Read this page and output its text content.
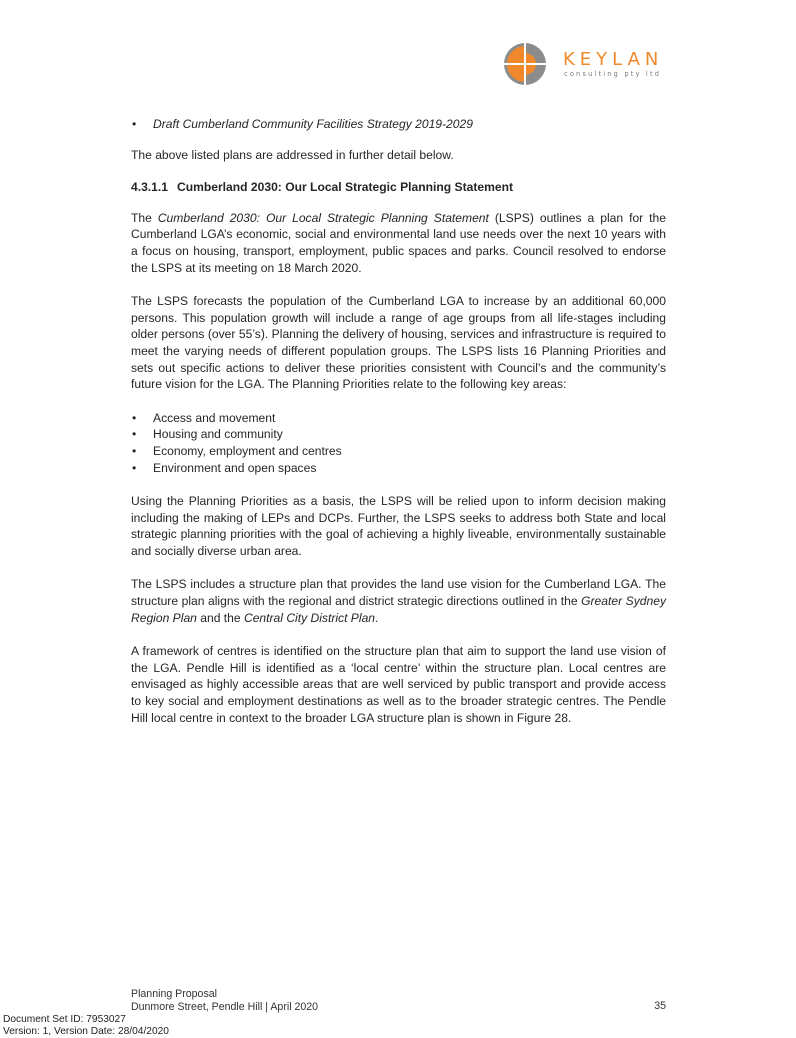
KEYLAN
consulting pty ltd
• Draft Cumberland Community Facilities Strategy 2019-2029

The above listed plans are addressed in further detail below.

4.3.1.1 Cumberland 2030: Our Local Strategic Planning Statement

The Cumberland 2030: Our Local Strategic Planning Statement (LSPS) outlines a plan for the Cumberland LGA’s economic, social and environmental land use needs over the next 10 years with a focus on housing, transport, employment, public spaces and parks. Council resolved to endorse the LSPS at its meeting on 18 March 2020.

The LSPS forecasts the population of the Cumberland LGA to increase by an additional 60,000 persons. This population growth will include a range of age groups from all life-stages including older persons (over 55’s). Planning the delivery of housing, services and infrastructure is required to meet the varying needs of different population groups. The LSPS lists 16 Planning Priorities and sets out specific actions to deliver these priorities consistent with Council’s and the community’s future vision for the LGA. The Planning Priorities relate to the following key areas:

• Access and movement
• Housing and community
• Economy, employment and centres
• Environment and open spaces

Using the Planning Priorities as a basis, the LSPS will be relied upon to inform decision making including the making of LEPs and DCPs. Further, the LSPS seeks to address both State and local strategic planning priorities with the goal of achieving a highly liveable, environmentally sustainable and socially diverse urban area.

The LSPS includes a structure plan that provides the land use vision for the Cumberland LGA. The structure plan aligns with the regional and district strategic directions outlined in the Greater Sydney Region Plan and the Central City District Plan.

A framework of centres is identified on the structure plan that aim to support the land use vision of the LGA. Pendle Hill is identified as a ‘local centre’ within the structure plan. Local centres are envisaged as highly accessible areas that are well serviced by public transport and provide access to key social and employment destinations as well as to the broader strategic centres. The Pendle Hill local centre in context to the broader LGA structure plan is shown in Figure 28.

Planning Proposal
Dunmore Street, Pendle Hill | April 2020	35
Document Set ID: 7953027
Version: 1, Version Date: 28/04/2020
